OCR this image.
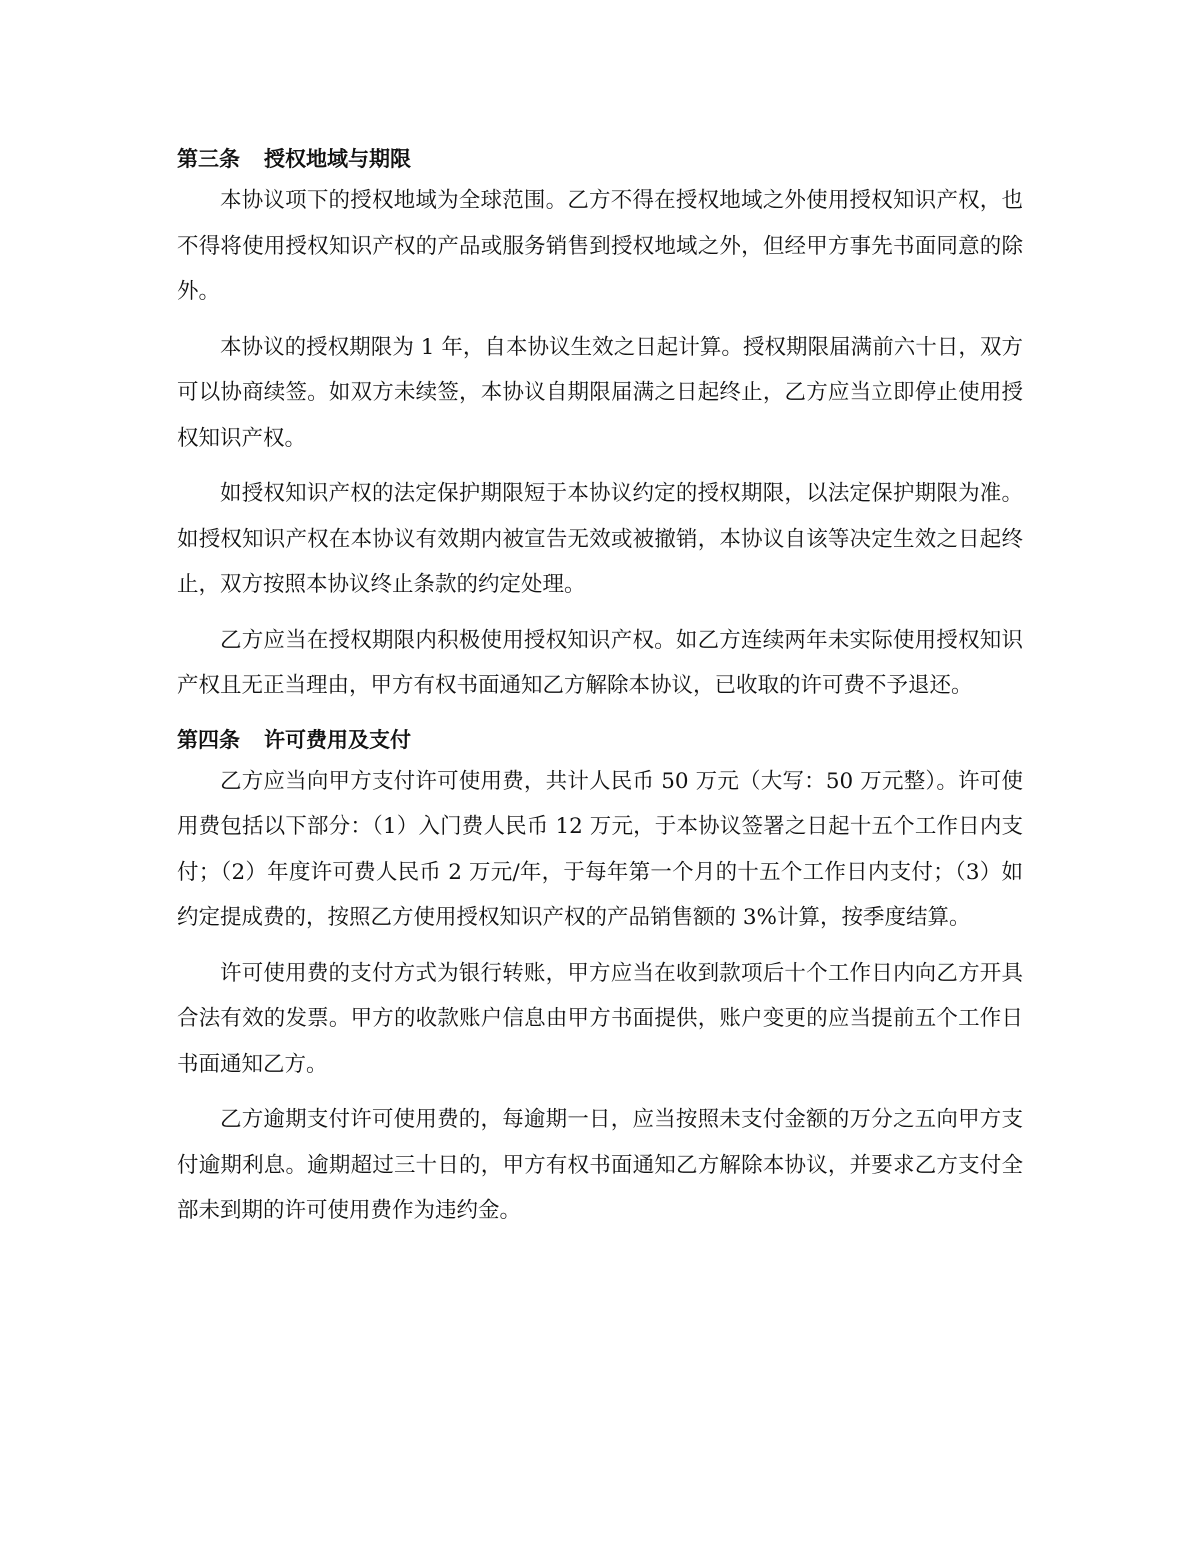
第三条 授权地域与期限

本协议项下的授权地域为全球范围。乙方不得在授权地域之外使用授权知识产权，也不得将使用授权知识产权的产品或服务销售到授权地域之外，但经甲方事先书面同意的除外。

本协议的授权期限为 1 年，自本协议生效之日起计算。授权期限届满前六十日，双方可以协商续签。如双方未续签，本协议自期限届满之日起终止，乙方应当立即停止使用授权知识产权。

如授权知识产权的法定保护期限短于本协议约定的授权期限，以法定保护期限为准。如授权知识产权在本协议有效期内被宣告无效或被撤销，本协议自该等决定生效之日起终止，双方按照本协议终止条款的约定处理。

乙方应当在授权期限内积极使用授权知识产权。如乙方连续两年未实际使用授权知识产权且无正当理由，甲方有权书面通知乙方解除本协议，已收取的许可费不予退还。

第四条 许可费用及支付

乙方应当向甲方支付许可使用费，共计人民币 50 万元（大写：50 万元整）。许可使用费包括以下部分：（1）入门费人民币 12 万元，于本协议签署之日起十五个工作日内支付；（2）年度许可费人民币 2 万元/年，于每年第一个月的十五个工作日内支付；（3）如约定提成费的，按照乙方使用授权知识产权的产品销售额的 3%计算，按季度结算。

许可使用费的支付方式为银行转账，甲方应当在收到款项后十个工作日内向乙方开具合法有效的发票。甲方的收款账户信息由甲方书面提供，账户变更的应当提前五个工作日书面通知乙方。

乙方逾期支付许可使用费的，每逾期一日，应当按照未支付金额的万分之五向甲方支付逾期利息。逾期超过三十日的，甲方有权书面通知乙方解除本协议，并要求乙方支付全部未到期的许可使用费作为违约金。
